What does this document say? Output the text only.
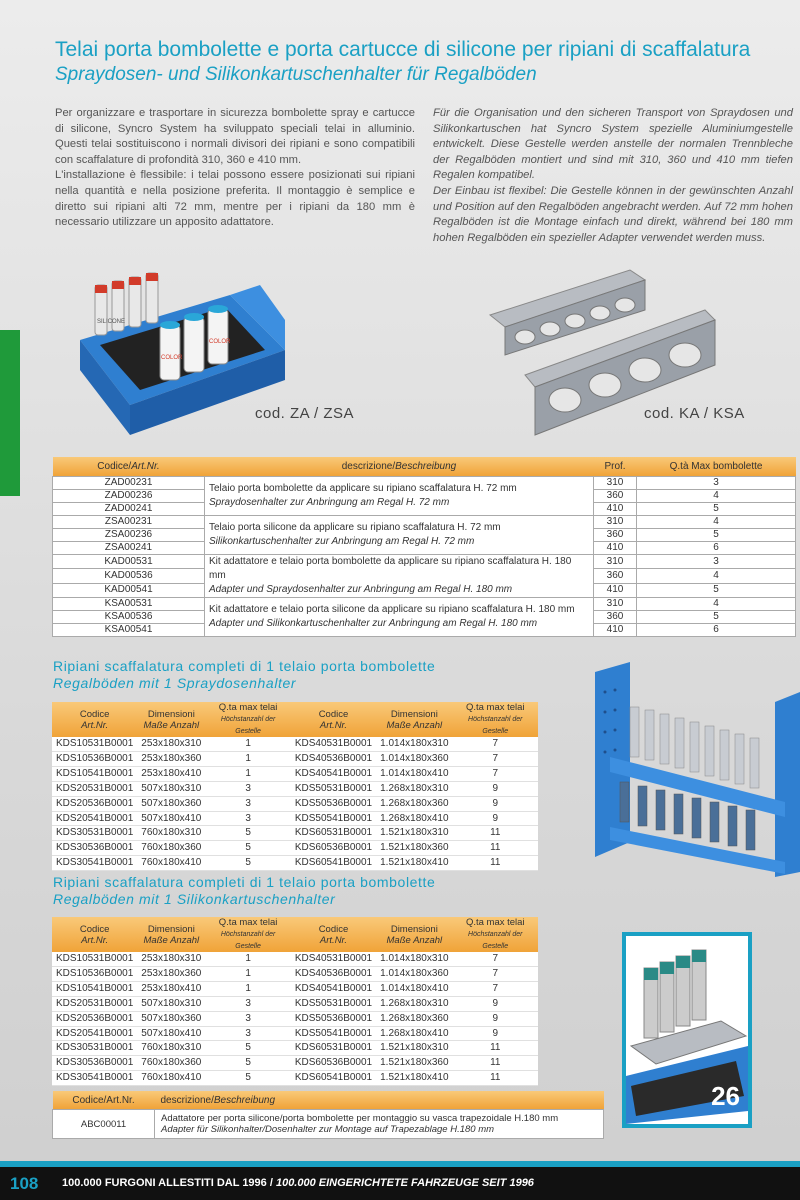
Telai porta bombolette e porta cartucce di silicone per ripiani di scaffalatura
Spraydosen- und Silikonkartuschenhalter für Regalböden

Per organizzare e trasportare in sicurezza bombolette spray e cartucce di silicone, Syncro System ha sviluppato speciali telai in alluminio. Questi telai sostituiscono i normali divisori dei ripiani e sono compatibili con scaffalature di profondità 310, 360 e 410 mm.

L'installazione è flessibile: i telai possono essere posizionati sui ripiani nella quantità e nella posizione preferita. Il montaggio è semplice e diretto sui ripiani alti 72 mm, mentre per i ripiani da 180 mm è necessario utilizzare un apposito adattatore.

Für die Organisation und den sicheren Transport von Spraydosen und Silikonkartuschen hat Syncro System spezielle Aluminiumgestelle entwickelt. Diese Gestelle werden anstelle der normalen Trennbleche der Regalböden montiert und sind mit 310, 360 und 410 mm tiefen Regalen kompatibel.

Der Einbau ist flexibel: Die Gestelle können in der gewünschten Anzahl und Position auf den Regalböden angebracht werden. Auf 72 mm hohen Regalböden ist die Montage einfach und direkt, während bei 180 mm hohen Regalböden ein spezieller Adapter verwendet werden muss.

SILICONE
COLOR
COLOR
cod. ZA / ZSA	cod. KA / KSA
Codice/Art.Nr.	descrizione/Beschreibung	Prof.	Q.tà Max bombolette
ZAD00231	Telaio porta bombolette da applicare su ripiano scaffalatura H. 72 mm
Spraydosenhalter zur Anbringung am Regal H. 72 mm	310	3
ZAD00236		360	4
ZAD00241		410	5
ZSA00231	Telaio porta silicone da applicare su ripiano scaffalatura H. 72 mm
Silikonkartuschenhalter zur Anbringung am Regal H. 72 mm	310	4
ZSA00236		360	5
ZSA00241		410	6
KAD00531	Kit adattatore e telaio porta bombolette da applicare su ripiano scaffalatura H. 180 mm
Adapter und Spraydosenhalter zur Anbringung am Regal H. 180 mm	310	3
KAD00536		360	4
KAD00541		410	5
KSA00531	Kit adattatore e telaio porta silicone da applicare su ripiano scaffalatura H. 180 mm
Adapter und Silikonkartuschenhalter zur Anbringung am Regal H. 180 mm	310	4
KSA00536		360	5
KSA00541		410	6
Ripiani scaffalatura completi di 1 telaio porta bombolette
Regalböden mit 1 Spraydosenhalter
Codice
Art.Nr.	Dimensioni
Maße Anzahl	Q.ta max telai
Höchstanzahl der Gestelle	Codice
Art.Nr.	Dimensioni
Maße Anzahl	Q.ta max telai
Höchstanzahl der Gestelle
KDS10531B0001	253x180x310	1	KDS40531B0001	1.014x180x310	7
KDS10536B0001	253x180x360	1	KDS40536B0001	1.014x180x360	7
KDS10541B0001	253x180x410	1	KDS40541B0001	1.014x180x410	7
KDS20531B0001	507x180x310	3	KDS50531B0001	1.268x180x310	9
KDS20536B0001	507x180x360	3	KDS50536B0001	1.268x180x360	9
KDS20541B0001	507x180x410	3	KDS50541B0001	1.268x180x410	9
KDS30531B0001	760x180x310	5	KDS60531B0001	1.521x180x310	11
KDS30536B0001	760x180x360	5	KDS60536B0001	1.521x180x360	11
KDS30541B0001	760x180x410	5	KDS60541B0001	1.521x180x410	11
Ripiani scaffalatura completi di 1 telaio porta bombolette
Regalböden mit 1 Silikonkartuschenhalter
Codice
Art.Nr.	Dimensioni
Maße Anzahl	Q.ta max telai
Höchstanzahl der Gestelle	Codice
Art.Nr.	Dimensioni
Maße Anzahl	Q.ta max telai
Höchstanzahl der Gestelle
KDS10531B0001	253x180x310	1	KDS40531B0001	1.014x180x310	7
KDS10536B0001	253x180x360	1	KDS40536B0001	1.014x180x360	7
KDS10541B0001	253x180x410	1	KDS40541B0001	1.014x180x410	7
KDS20531B0001	507x180x310	3	KDS50531B0001	1.268x180x310	9
KDS20536B0001	507x180x360	3	KDS50536B0001	1.268x180x360	9
KDS20541B0001	507x180x410	3	KDS50541B0001	1.268x180x410	9
KDS30531B0001	760x180x310	5	KDS60531B0001	1.521x180x310	11
KDS30536B0001	760x180x360	5	KDS60536B0001	1.521x180x360	11
KDS30541B0001	760x180x410	5	KDS60541B0001	1.521x180x410	11
26
Codice/Art.Nr.	descrizione/Beschreibung
ABC00011	Adattatore per porta silicone/porta bombolette per montaggio su vasca trapezoidale H.180 mm
Adapter für Silikonhalter/Dosenhalter zur Montage auf Trapezablage H.180 mm
108 100.000 FURGONI ALLESTITI DAL 1996 / 100.000 EINGERICHTETE FAHRZEUGE SEIT 1996
